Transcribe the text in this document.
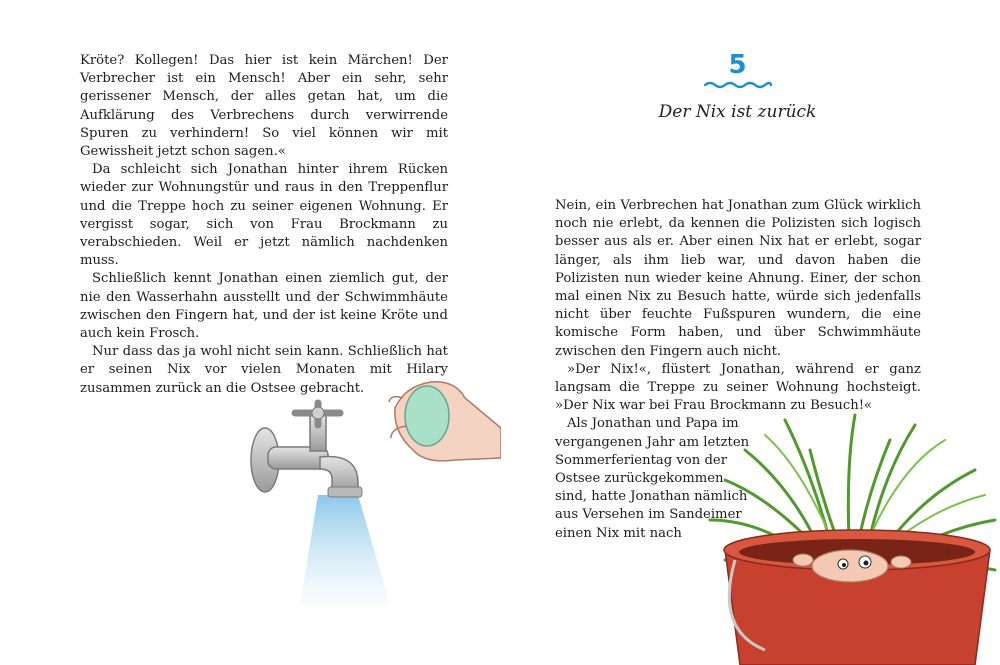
Kröte? Kollegen! Das hier ist kein Märchen! Der Verbrecher ist ein Mensch! Aber ein sehr, sehr gerissener Mensch, der alles getan hat, um die Aufklärung des Verbrechens durch verwirrende Spuren zu verhindern! So viel können wir mit Gewissheit jetzt schon sagen.«

Da schleicht sich Jonathan hinter ihrem Rücken wieder zur Wohnungstür und raus in den Treppenflur und die Treppe hoch zu seiner eigenen Wohnung. Er vergisst sogar, sich von Frau Brockmann zu verabschieden. Weil er jetzt nämlich nachdenken muss.

Schließlich kennt Jonathan einen ziemlich gut, der nie den Wasserhahn ausstellt und der Schwimmhäute zwischen den Fingern hat, und der ist keine Kröte und auch kein Frosch.

Nur dass das ja wohl nicht sein kann. Schließlich hat er seinen Nix vor vielen Monaten mit Hilary zusammen zurück an die Ostsee gebracht.

5
Der Nix ist zurück

Nein, ein Verbrechen hat Jonathan zum Glück wirklich noch nie erlebt, da kennen die Polizisten sich logisch besser aus als er. Aber einen Nix hat er erlebt, sogar länger, als ihm lieb war, und davon haben die Polizisten nun wieder keine Ahnung. Einer, der schon mal einen Nix zu Besuch hatte, würde sich jedenfalls nicht über feuchte Fußspuren wundern, die eine komische Form haben, und über Schwimmhäute zwischen den Fingern auch nicht.

»Der Nix!«, flüstert Jonathan, während er ganz langsam die Treppe zu seiner Wohnung hochsteigt. »Der Nix war bei Frau Brockmann zu Besuch!«

Als Jonathan und Papa im vergangenen Jahr am letzten Sommerferientag von der Ostsee zurückgekommen sind, hatte Jonathan nämlich aus Versehen im Sandeimer einen Nix mit nach
